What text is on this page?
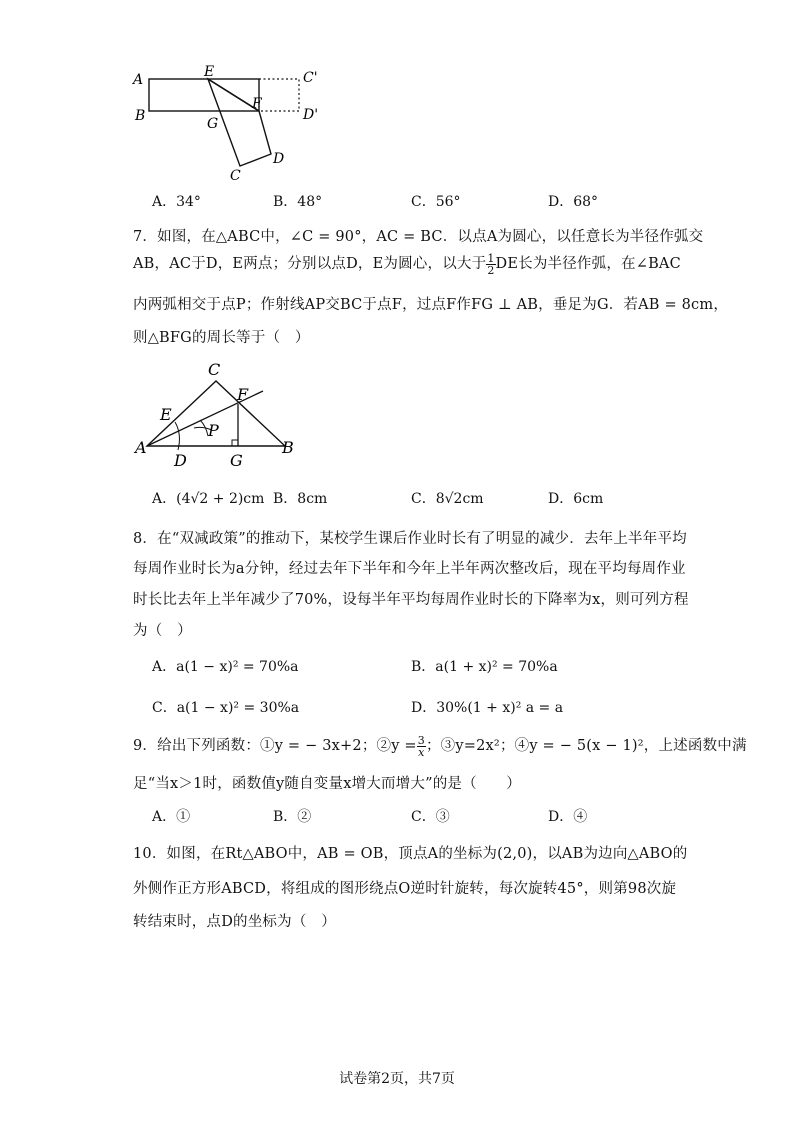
A	E	C'
F
D'
B	G
D
C
A．34°	B．48°	C．56°	D．68°
7．如图，在△ABC中，∠C = 90°，AC = BC．以点A为圆心，以任意长为半径作弧交
AB，AC于D，E两点；分别以点D，E为圆心，以大于 $\frac{1}{2}$ DE长为半径作弧，在∠BAC
内两弧相交于点P；作射线AP交BC于点F，过点F作FG ⊥ AB，垂足为G．若AB = 8cm，
则△BFG的周长等于（　）
C
F
E
P
A
D	G
B
A．(4√2 + 2)cm B．8cm	C．8√2cm	D．6cm
8．在“双减政策”的推动下，某校学生课后作业时长有了明显的减少．去年上半年平均
每周作业时长为a分钟，经过去年下半年和今年上半年两次整改后，现在平均每周作业
时长比去年上半年减少了70%，设每半年平均每周作业时长的下降率为x，则可列方程
为（　）
A．a(1 − x)² = 70%a	B．a(1 + x)² = 70%a
C．a(1 − x)² = 30%a	D．30%(1 + x)² a = a
9．给出下列函数：①y = − 3x+2；②y = $\frac{3}{x}$ ；③y=2x²；④y = − 5(x − 1)²，上述函数中满
足“当x＞1时，函数值y随自变量x增大而增大”的是（　　）
A．①	B．②	C．③	D．④
10．如图，在Rt△ABO中，AB = OB，顶点A的坐标为(2,0)，以AB为边向△ABO的
外侧作正方形ABCD，将组成的图形绕点O逆时针旋转，每次旋转45°，则第98次旋
转结束时，点D的坐标为（　）
试卷第2页，共7页
